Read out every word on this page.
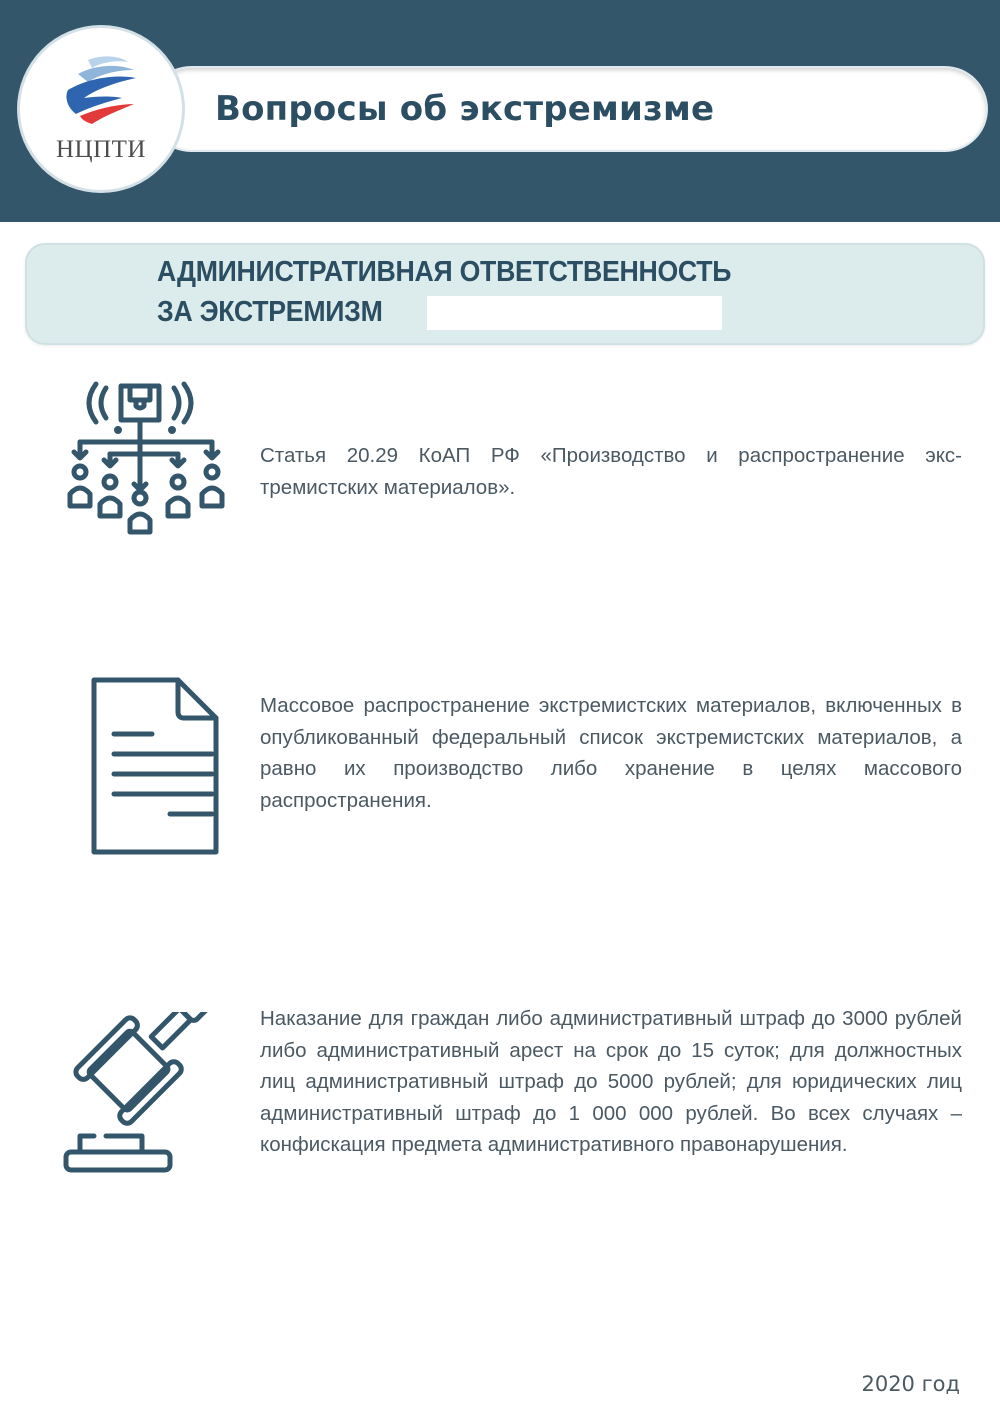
Вопросы об экстремизме
НЦПТИ
АДМИНИСТРАТИВНАЯ ОТВЕТСТВЕННОСТЬ
ЗА ЭКСТРЕМИЗМ
Статья 20.29 КоАП РФ «Производство и распространение экстремистских материалов».
Массовое распространение экстремистских материалов, включенных в опубликованный федеральный список экстремистских материалов, а равно их производство либо хранение в целях массового распространения.
Наказание для граждан либо административный штраф до 3000 рублей либо административный арест на срок до 15 суток; для должностных лиц административный штраф до 5000 рублей; для юридических лиц административный штраф до 1 000 000 рублей. Во всех случаях – конфискация предмета административного правонарушения.
2020 год
